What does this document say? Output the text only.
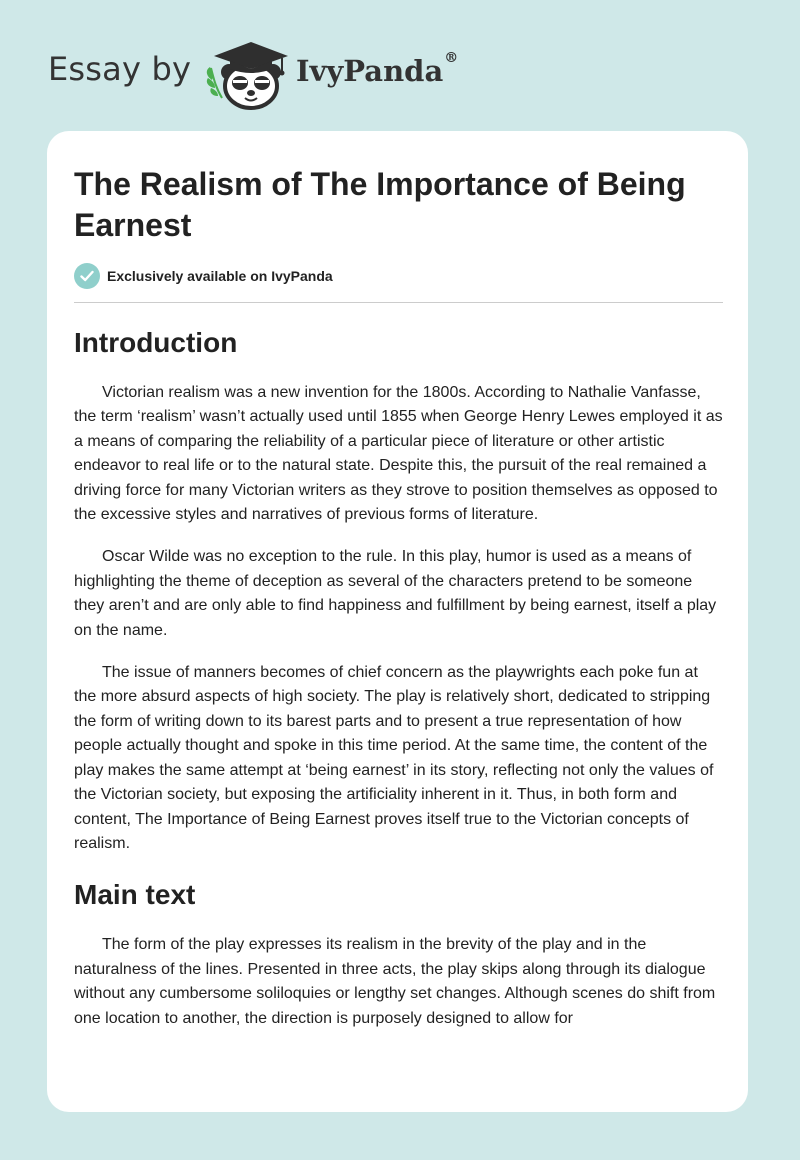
Essay by	IvyPanda®
The Realism of The Importance of Being Earnest
Exclusively available on IvyPanda
Introduction

Victorian realism was a new invention for the 1800s. According to Nathalie Vanfasse, the term ‘realism’ wasn’t actually used until 1855 when George Henry Lewes employed it as a means of comparing the reliability of a particular piece of literature or other artistic endeavor to real life or to the natural state. Despite this, the pursuit of the real remained a driving force for many Victorian writers as they strove to position themselves as opposed to the excessive styles and narratives of previous forms of literature.

Oscar Wilde was no exception to the rule. In this play, humor is used as a means of highlighting the theme of deception as several of the characters pretend to be someone they aren’t and are only able to find happiness and fulfillment by being earnest, itself a play on the name.

The issue of manners becomes of chief concern as the playwrights each poke fun at the more absurd aspects of high society. The play is relatively short, dedicated to stripping the form of writing down to its barest parts and to present a true representation of how people actually thought and spoke in this time period. At the same time, the content of the play makes the same attempt at ‘being earnest’ in its story, reflecting not only the values of the Victorian society, but exposing the artificiality inherent in it. Thus, in both form and content, The Importance of Being Earnest proves itself true to the Victorian concepts of realism.

Main text

The form of the play expresses its realism in the brevity of the play and in the naturalness of the lines. Presented in three acts, the play skips along through its dialogue without any cumbersome soliloquies or lengthy set changes. Although scenes do shift from one location to another, the direction is purposely designed to allow for
